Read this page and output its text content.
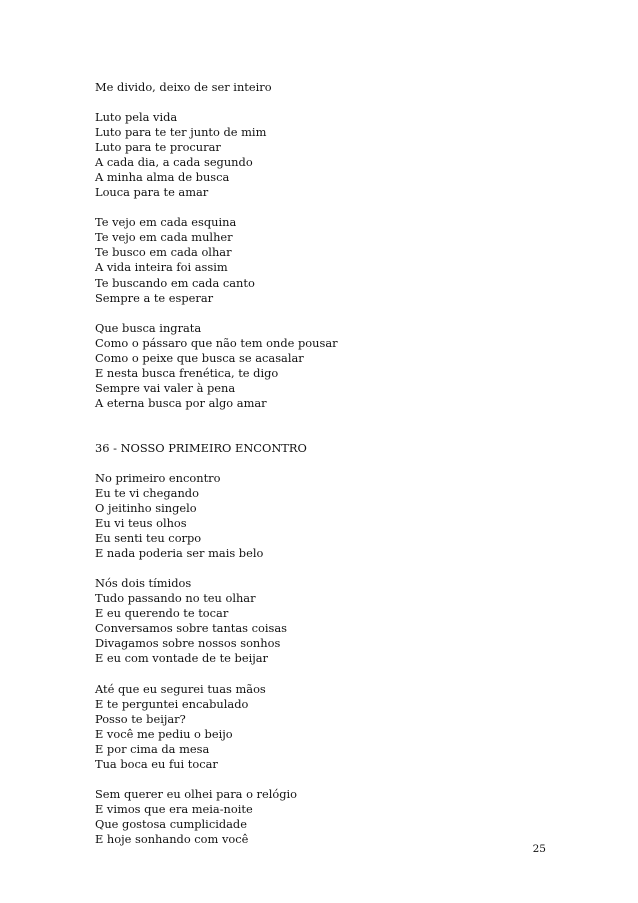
Me divido, deixo de ser inteiro
Luto pela vida
Luto para te ter junto de mim
Luto para te procurar
A cada dia, a cada segundo
A minha alma de busca
Louca para te amar
Te vejo em cada esquina
Te vejo em cada mulher
Te busco em cada olhar
A vida inteira foi assim
Te buscando em cada canto
Sempre a te esperar
Que busca ingrata
Como o pássaro que não tem onde pousar
Como o peixe que busca se acasalar
E nesta busca frenética, te digo
Sempre vai valer à pena
A eterna busca por algo amar
36 - NOSSO PRIMEIRO ENCONTRO
No primeiro encontro
Eu te vi chegando
O jeitinho singelo
Eu vi teus olhos
Eu senti teu corpo
E nada poderia ser mais belo
Nós dois tímidos
Tudo passando no teu olhar
E eu querendo te tocar
Conversamos sobre tantas coisas
Divagamos sobre nossos sonhos
E eu com vontade de te beijar
Até que eu segurei tuas mãos
E te perguntei encabulado
Posso te beijar?
E você me pediu o beijo
E por cima da mesa
Tua boca eu fui tocar
Sem querer eu olhei para o relógio
E vimos que era meia-noite
Que gostosa cumplicidade
E hoje sonhando com você
25
